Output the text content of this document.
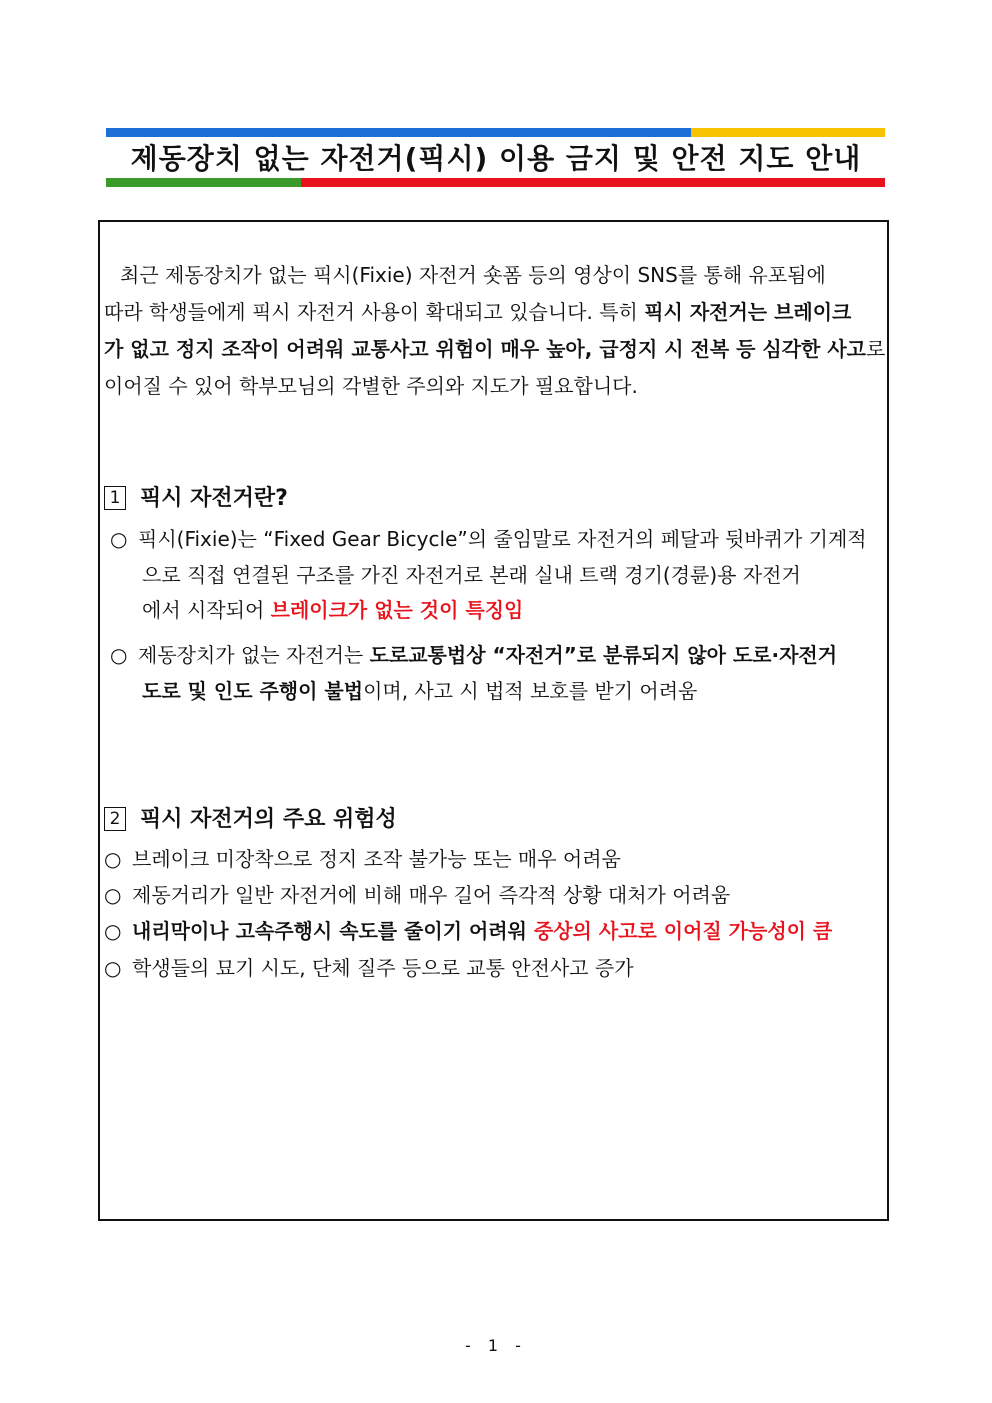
제동장치 없는 자전거(픽시) 이용 금지 및 안전 지도 안내
최근 제동장치가 없는 픽시(Fixie) 자전거 숏폼 등의 영상이 SNS를 통해 유포됨에
따라 학생들에게 픽시 자전거 사용이 확대되고 있습니다. 특히 픽시 자전거는 브레이크
가 없고 정지 조작이 어려워 교통사고 위험이 매우 높아, 급정지 시 전복 등 심각한 사고로
이어질 수 있어 학부모님의 각별한 주의와 지도가 필요합니다.
1 픽시 자전거란?
○ 픽시(Fixie)는 “Fixed Gear Bicycle”의 줄임말로 자전거의 페달과 뒷바퀴가 기계적
으로 직접 연결된 구조를 가진 자전거로 본래 실내 트랙 경기(경륜)용 자전거
에서 시작되어 브레이크가 없는 것이 특징임
○ 제동장치가 없는 자전거는 도로교통법상 “자전거”로 분류되지 않아 도로·자전거
도로 및 인도 주행이 불법이며, 사고 시 법적 보호를 받기 어려움
2 픽시 자전거의 주요 위험성
○ 브레이크 미장착으로 정지 조작 불가능 또는 매우 어려움
○ 제동거리가 일반 자전거에 비해 매우 길어 즉각적 상황 대처가 어려움
○ 내리막이나 고속주행시 속도를 줄이기 어려워 중상의 사고로 이어질 가능성이 큼
○ 학생들의 묘기 시도, 단체 질주 등으로 교통 안전사고 증가
- 1 -
